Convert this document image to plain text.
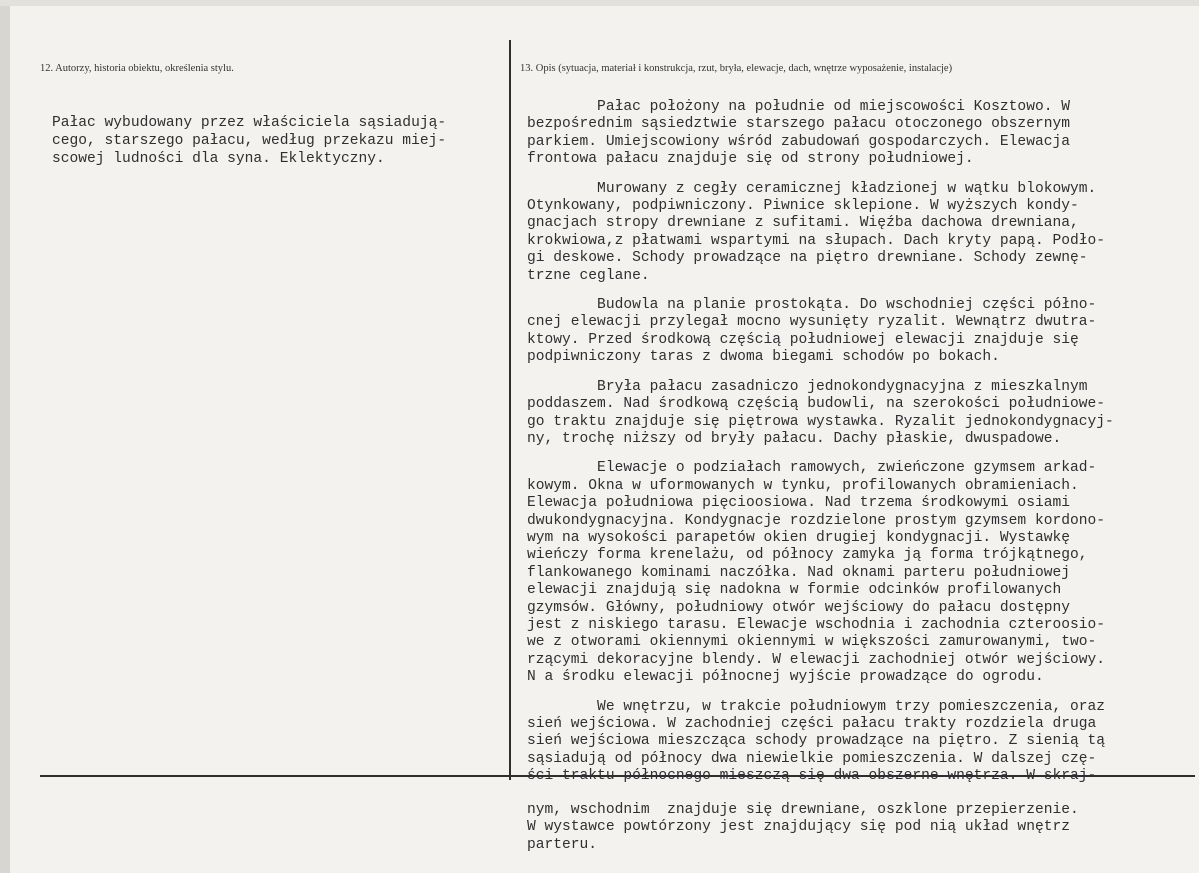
12. Autorzy, historia obiektu, określenia stylu.	13. Opis (sytuacja, materiał i konstrukcja, rzut, bryła, elewacje, dach, wnętrze wyposażenie, instalacje)
Pałac wybudowany przez właściciela sąsiadują-
cego, starszego pałacu, według przekazu miej-
scowej ludności dla syna. Eklektyczny.
Pałac położony na południe od miejscowości Kosztowo. W
bezpośrednim sąsiedztwie starszego pałacu otoczonego obszernym
parkiem. Umiejscowiony wśród zabudowań gospodarczych. Elewacja
frontowa pałacu znajduje się od strony południowej.
Murowany z cegły ceramicznej kładzionej w wątku blokowym.
Otynkowany, podpiwniczony. Piwnice sklepione. W wyższych kondy-
gnacjach stropy drewniane z sufitami. Więźba dachowa drewniana,
krokwiowa,z płatwami wspartymi na słupach. Dach kryty papą. Podło-
gi deskowe. Schody prowadzące na piętro drewniane. Schody zewnę-
trzne ceglane.
Budowla na planie prostokąta. Do wschodniej części półno-
cnej elewacji przylegał mocno wysunięty ryzalit. Wewnątrz dwutra-
ktowy. Przed środkową częścią południowej elewacji znajduje się
podpiwniczony taras z dwoma biegami schodów po bokach.
Bryła pałacu zasadniczo jednokondygnacyjna z mieszkalnym
poddaszem. Nad środkową częścią budowli, na szerokości południowe-
go traktu znajduje się piętrowa wystawka. Ryzalit jednokondygnacyj-
ny, trochę niższy od bryły pałacu. Dachy płaskie, dwuspadowe.
Elewacje o podziałach ramowych, zwieńczone gzymsem arkad-
kowym. Okna w uformowanych w tynku, profilowanych obramieniach.
Elewacja południowa pięcioosiowa. Nad trzema środkowymi osiami
dwukondygnacyjna. Kondygnacje rozdzielone prostym gzymsem kordono-
wym na wysokości parapetów okien drugiej kondygnacji. Wystawkę
wieńczy forma krenelażu, od północy zamyka ją forma trójkątnego,
flankowanego kominami naczółka. Nad oknami parteru południowej
elewacji znajdują się nadokna w formie odcinków profilowanych
gzymsów. Główny, południowy otwór wejściowy do pałacu dostępny
jest z niskiego tarasu. Elewacje wschodnia i zachodnia czteroosio-
we z otworami okiennymi okiennymi w większości zamurowanymi, two-
rzącymi dekoracyjne blendy. W elewacji zachodniej otwór wejściowy.
N a środku elewacji północnej wyjście prowadzące do ogrodu.
We wnętrzu, w trakcie południowym trzy pomieszczenia, oraz
sień wejściowa. W zachodniej części pałacu trakty rozdziela druga
sień wejściowa mieszcząca schody prowadzące na piętro. Z sienią tą
sąsiadują od północy dwa niewielkie pomieszczenia. W dalszej czę-
ści traktu północnego mieszczą się dwa obszerne wnętrza. W skraj-
nym, wschodnim  znajduje się drewniane, oszklone przepierzenie.
W wystawce powtórzony jest znajdujący się pod nią układ wnętrz
parteru.
